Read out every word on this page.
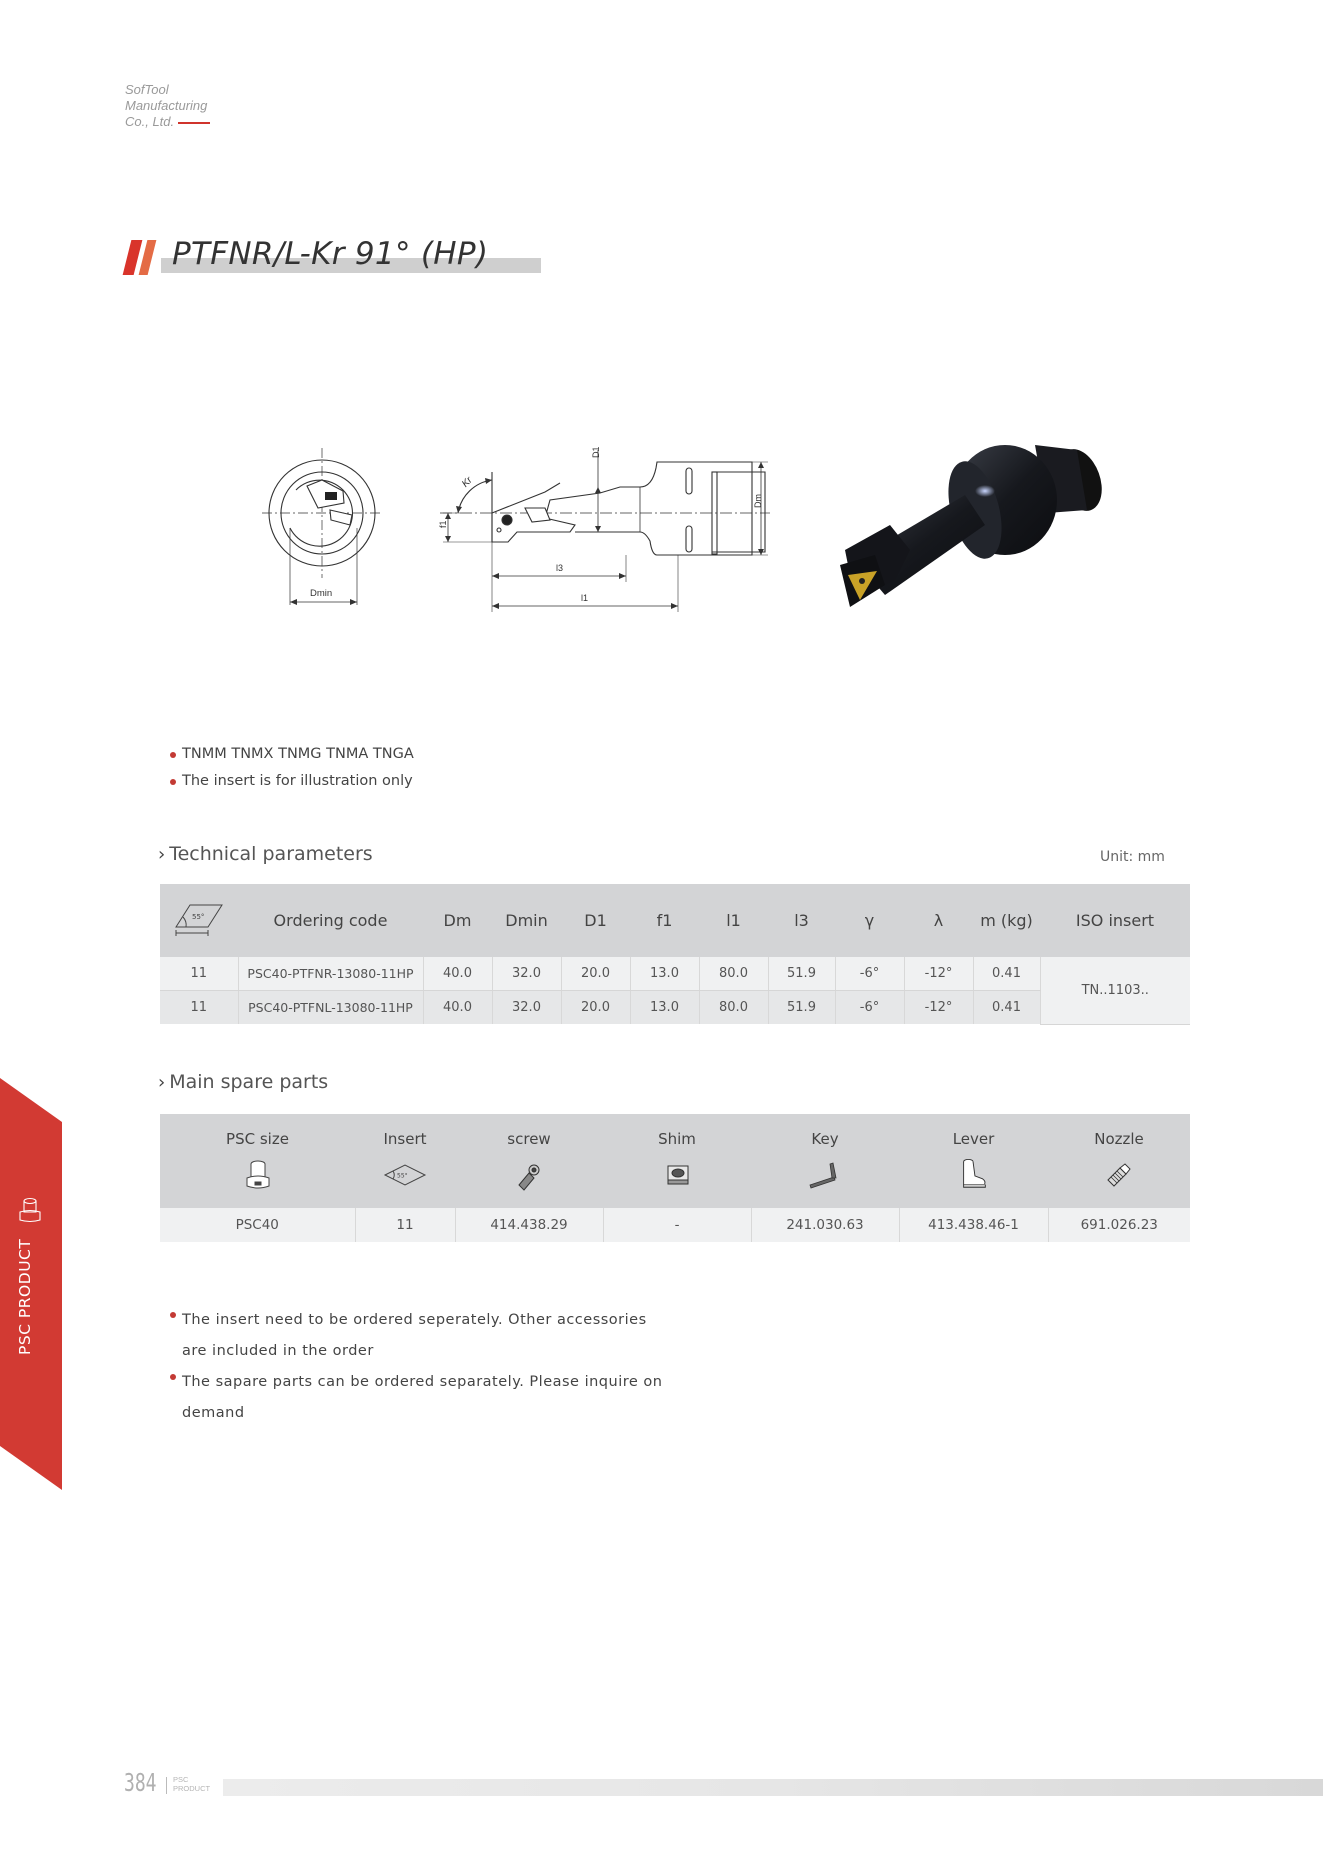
SofTool
Manufacturing
Co., Ltd.
PTFNR/L-Kr 91° (HP)
Dmin
Kr
f1
D1
Dm
l3
l1
TNMM TNMX TNMG TNMA TNGA
The insert is for illustration only
› Technical parameters	Unit: mm
55°	Ordering code	Dm	Dmin	D1	f1	l1	l3	γ	λ	m (kg)	ISO insert
11	PSC40-PTFNR-13080-11HP	40.0	32.0	20.0	13.0	80.0	51.9	-6°	-12°	0.41	TN..1103..
11	PSC40-PTFNL-13080-11HP	40.0	32.0	20.0	13.0	80.0	51.9	-6°	-12°	0.41	
› Main spare parts
PSC size	Insert
55°	screw	Shim	Key	Lever	Nozzle

PSC40	11	414.438.29	-	241.030.63	413.438.46-1	691.026.23
The insert need to be ordered seperately. Other accessories are included in the order
The sapare parts can be ordered separately. Please inquire on demand
PSC PRODUCT
384 PSC
PRODUCT
